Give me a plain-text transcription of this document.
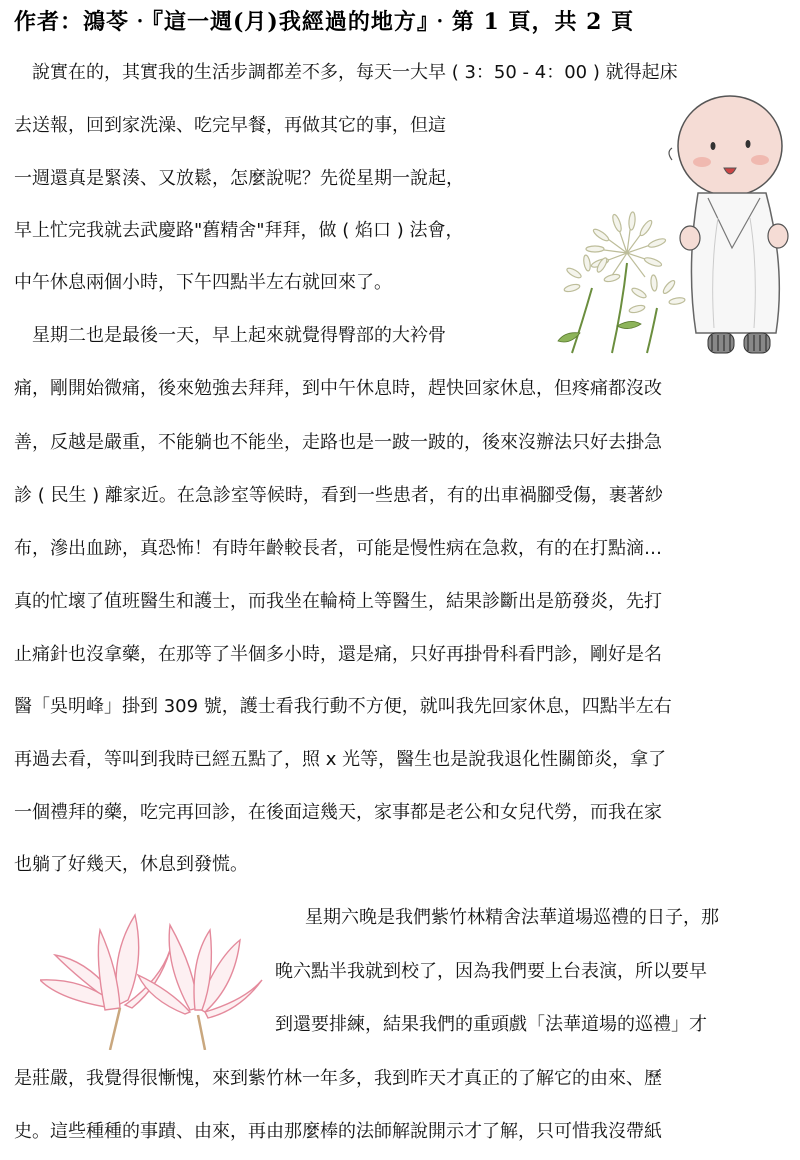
作者：鴻苓‧『這一週(月)我經過的地方』‧第 1 頁，共 2 頁
　說實在的，其實我的生活步調都差不多，每天一大早 ( 3：50 - 4：00 ) 就得起床
去送報，回到家洗澡、吃完早餐，再做其它的事，但這
一週還真是緊湊、又放鬆，怎麼說呢？先從星期一說起，
早上忙完我就去武慶路"舊精舍"拜拜，做 ( 焰口 ) 法會，
中午休息兩個小時，下午四點半左右就回來了。
　星期二也是最後一天，早上起來就覺得臀部的大衿骨
痛，剛開始微痛，後來勉強去拜拜，到中午休息時，趕快回家休息，但疼痛都沒改
善，反越是嚴重，不能躺也不能坐，走路也是一跛一跛的，後來沒辦法只好去掛急
診 ( 民生 ) 離家近。在急診室等候時，看到一些患者，有的出車禍腳受傷，裹著紗
布，滲出血跡，真恐怖！有時年齡較長者，可能是慢性病在急救，有的在打點滴…
真的忙壞了值班醫生和護士，而我坐在輪椅上等醫生，結果診斷出是筋發炎，先打
止痛針也沒拿藥，在那等了半個多小時，還是痛，只好再掛骨科看門診，剛好是名
醫「吳明峰」掛到 309 號，護士看我行動不方便，就叫我先回家休息，四點半左右
再過去看，等叫到我時已經五點了，照 x 光等，醫生也是說我退化性關節炎，拿了
一個禮拜的藥，吃完再回診，在後面這幾天，家事都是老公和女兒代勞，而我在家
也躺了好幾天，休息到發慌。
星期六晚是我們紫竹林精舍法華道場巡禮的日子，那
晚六點半我就到校了，因為我們要上台表演，所以要早
到還要排練，結果我們的重頭戲「法華道場的巡禮」才
是莊嚴，我覺得很慚愧，來到紫竹林一年多，我到昨天才真正的了解它的由來、歷
史。這些種種的事蹟、由來，再由那麼棒的法師解說開示才了解，只可惜我沒帶紙
